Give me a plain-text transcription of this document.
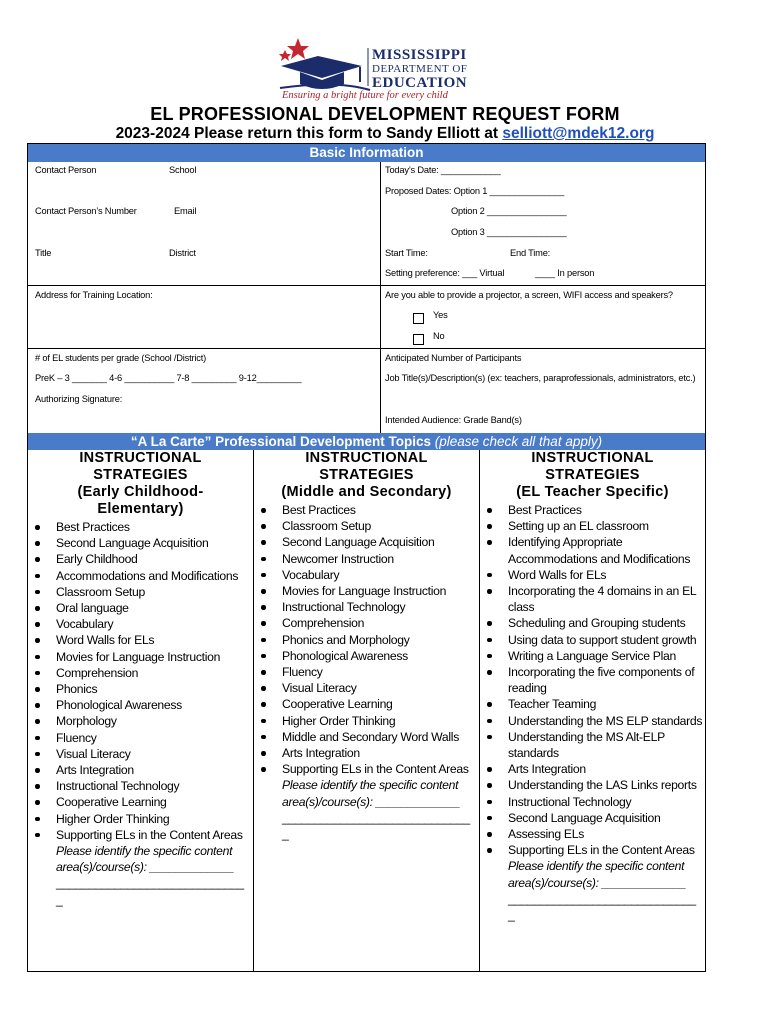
MISSISSIPPI
DEPARTMENT OF
EDUCATION
Ensuring a bright future for every child
EL PROFESSIONAL DEVELOPMENT REQUEST FORM
2023-2024 Please return this form to Sandy Elliott at selliott@mdek12.org
Basic Information
Contact Person	School	Today’s Date: ____________
Proposed Dates: Option 1 _______________
Contact Person’s Number	Email	Option 2 ________________
Option 3 ________________
Title	District	Start Time:	End Time:
Setting preference: ___ Virtual	____ In person
Address for Training Location:	Are you able to provide a projector, a screen, WIFI access and speakers?
Yes
No
# of EL students per grade (School /District)	Anticipated Number of Participants
PreK – 3 _______ 4-6 __________ 7-8 _________ 9-12_________	Job Title(s)/Description(s) (ex: teachers, paraprofessionals, administrators, etc.)
Authorizing Signature:
Intended Audience: Grade Band(s)
“A La Carte” Professional Development Topics (please check all that apply)
INSTRUCTIONAL
STRATEGIES
(Early Childhood-
Elementary)
Best Practices
Second Language Acquisition
Early Childhood
Accommodations and Modifications
Classroom Setup
Oral language
Vocabulary
Word Walls for ELs
Movies for Language Instruction
Comprehension
Phonics
Phonological Awareness
Morphology
Fluency
Visual Literacy
Arts Integration
Instructional Technology
Cooperative Learning
Higher Order Thinking
Supporting ELs in the Content Areas
Please identify the specific content
area(s)/course(s): _____________
_____________________________
_
INSTRUCTIONAL
STRATEGIES
(Middle and Secondary)
Best Practices
Classroom Setup
Second Language Acquisition
Newcomer Instruction
Vocabulary
Movies for Language Instruction
Instructional Technology
Comprehension
Phonics and Morphology
Phonological Awareness
Fluency
Visual Literacy
Cooperative Learning
Higher Order Thinking
Middle and Secondary Word Walls
Arts Integration
Supporting ELs in the Content Areas
Please identify the specific content
area(s)/course(s): _____________
_____________________________
_
INSTRUCTIONAL
STRATEGIES
(EL Teacher Specific)
Best Practices
Setting up an EL classroom
Identifying Appropriate Accommodations and Modifications
Word Walls for ELs
Incorporating the 4 domains in an EL class
Scheduling and Grouping students
Using data to support student growth
Writing a Language Service Plan
Incorporating the five components of reading
Teacher Teaming
Understanding the MS ELP standards
Understanding the MS Alt-ELP standards
Arts Integration
Understanding the LAS Links reports
Instructional Technology
Second Language Acquisition
Assessing ELs
Supporting ELs in the Content Areas
Please identify the specific content
area(s)/course(s): _____________
_____________________________
_
